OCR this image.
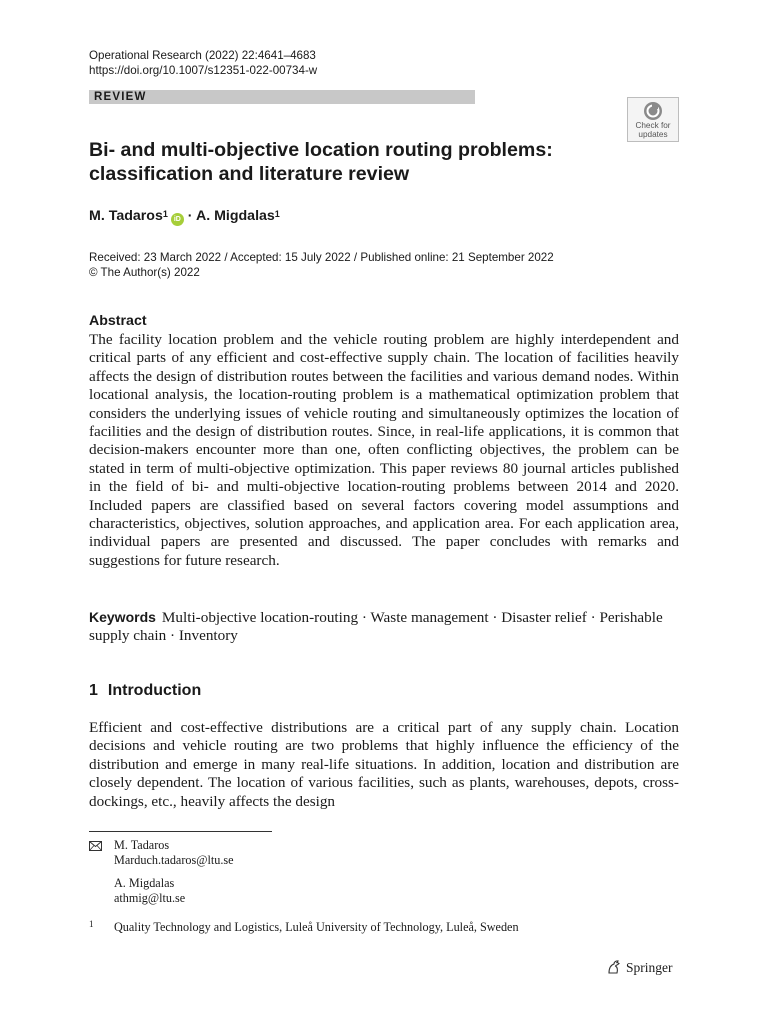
Operational Research (2022) 22:4641–4683
https://doi.org/10.1007/s12351-022-00734-w
REVIEW
Check for
updates
Bi- and multi-objective location routing problems:
classification and literature review
M. Tadaros$^1$iD · A. Migdalas$^1$
Received: 23 March 2022 / Accepted: 15 July 2022 / Published online: 21 September 2022
© The Author(s) 2022
Abstract
The facility location problem and the vehicle routing problem are highly interdependent and critical parts of any efficient and cost-effective supply chain. The location of facilities heavily affects the design of distribution routes between the facilities and various demand nodes. Within locational analysis, the location-routing problem is a mathematical optimization problem that considers the underlying issues of vehicle routing and simultaneously optimizes the location of facilities and the design of distribution routes. Since, in real-life applications, it is common that decision-makers encounter more than one, often conflicting objectives, the problem can be stated in term of multi-objective optimization. This paper reviews 80 journal articles published in the field of bi- and multi-objective location-routing problems between 2014 and 2020. Included papers are classified based on several factors covering model assumptions and characteristics, objectives, solution approaches, and application area. For each application area, individual papers are presented and discussed. The paper concludes with remarks and suggestions for future research.
Keywords Multi-objective location-routing · Waste management · Disaster relief · Perishable supply chain · Inventory
1 Introduction
Efficient and cost-effective distributions are a critical part of any supply chain. Location decisions and vehicle routing are two problems that highly influence the efficiency of the distribution and emerge in many real-life situations. In addition, location and distribution are closely dependent. The location of various facilities, such as plants, warehouses, depots, cross-dockings, etc., heavily affects the design
M. Tadaros
Marduch.tadaros@ltu.se
A. Migdalas
athmig@ltu.se
1 Quality Technology and Logistics, Luleå University of Technology, Luleå, Sweden
Springer
